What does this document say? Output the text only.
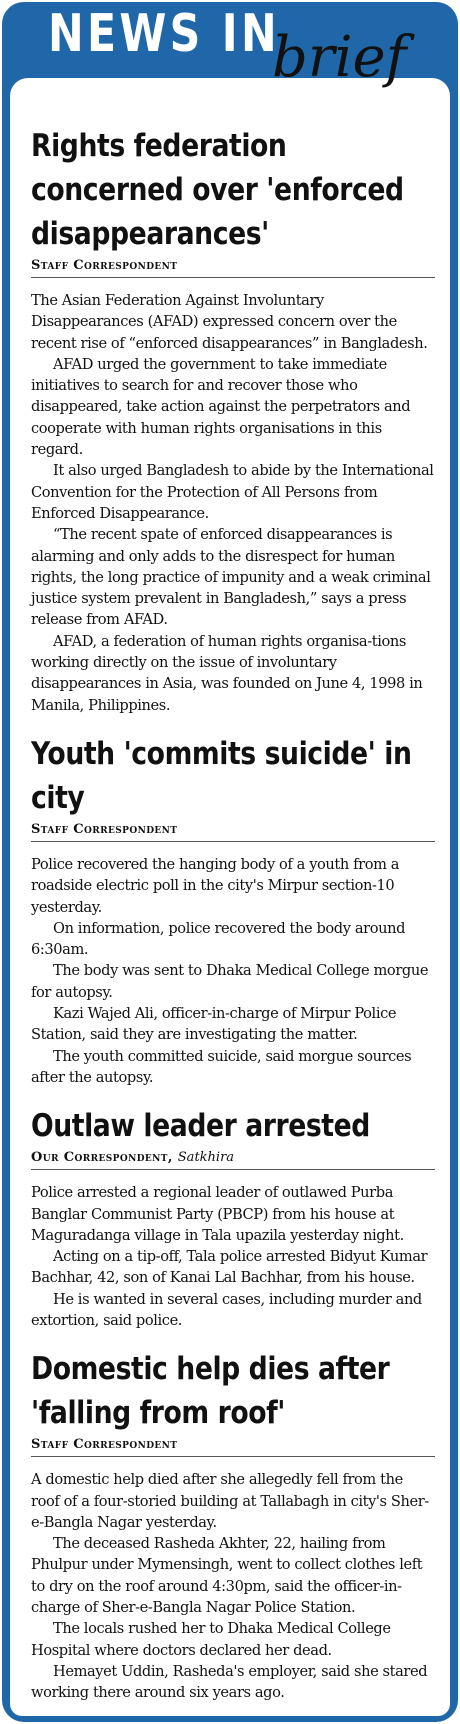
NEWS IN
brief
Rights federation concerned over 'enforced disappearances'
Staff Correspondent

The Asian Federation Against Involuntary Disappearances (AFAD) expressed concern over the recent rise of “enforced disappearances” in Bangladesh.

AFAD urged the government to take immediate initiatives to search for and recover those who disappeared, take action against the perpetrators and cooperate with human rights organisations in this regard.

It also urged Bangladesh to abide by the International Convention for the Protection of All Persons from Enforced Disappearance.

“The recent spate of enforced disappearances is alarming and only adds to the disrespect for human rights, the long practice of impunity and a weak criminal justice system prevalent in Bangladesh,” says a press release from AFAD.

AFAD, a federation of human rights organisa-tions working directly on the issue of involuntary disappearances in Asia, was founded on June 4, 1998 in Manila, Philippines.

Youth 'commits suicide' in city
Staff Correspondent

Police recovered the hanging body of a youth from a roadside electric poll in the city's Mirpur section-10 yesterday.

On information, police recovered the body around 6:30am.

The body was sent to Dhaka Medical College morgue for autopsy.

Kazi Wajed Ali, officer-in-charge of Mirpur Police Station, said they are investigating the matter.

The youth committed suicide, said morgue sources after the autopsy.

Outlaw leader arrested
Our Correspondent, Satkhira

Police arrested a regional leader of outlawed Purba Banglar Communist Party (PBCP) from his house at Maguradanga village in Tala upazila yesterday night.

Acting on a tip-off, Tala police arrested Bidyut Kumar Bachhar, 42, son of Kanai Lal Bachhar, from his house.

He is wanted in several cases, including murder and extortion, said police.

Domestic help dies after 'falling from roof'
Staff Correspondent

A domestic help died after she allegedly fell from the roof of a four-storied building at Tallabagh in city's Sher-e-Bangla Nagar yesterday.

The deceased Rasheda Akhter, 22, hailing from Phulpur under Mymensingh, went to collect clothes left to dry on the roof around 4:30pm, said the officer-in-charge of Sher-e-Bangla Nagar Police Station.

The locals rushed her to Dhaka Medical College Hospital where doctors declared her dead.

Hemayet Uddin, Rasheda's employer, said she stared working there around six years ago.
